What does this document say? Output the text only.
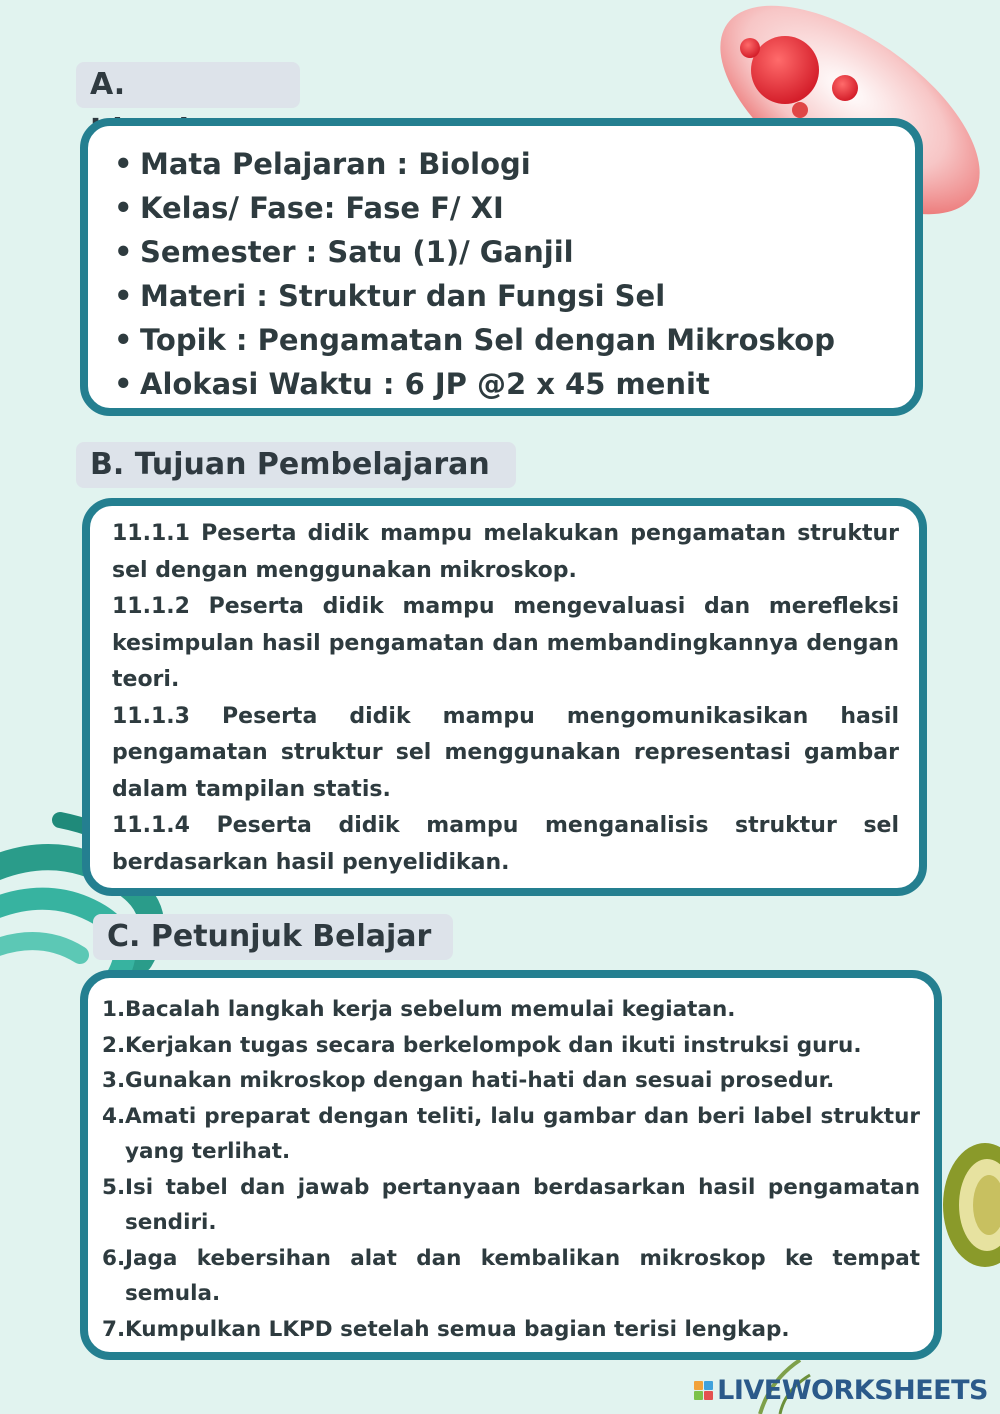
A.
• Mata Pelajaran : Biologi
• Kelas/ Fase: Fase F/ XI
• Semester : Satu (1)/ Ganjil
• Materi : Struktur dan Fungsi Sel
• Topik : Pengamatan Sel dengan Mikroskop
• Alokasi Waktu : 6 JP @2 x 45 menit
B. Tujuan Pembelajaran

11.1.1 Peserta didik mampu melakukan pengamatan struktur sel dengan menggunakan mikroskop.

11.1.2 Peserta didik mampu mengevaluasi dan merefleksi kesimpulan hasil pengamatan dan membandingkannya dengan teori.

11.1.3 Peserta didik mampu mengomunikasikan hasil pengamatan struktur sel menggunakan representasi gambar dalam tampilan statis.

11.1.4 Peserta didik mampu menganalisis struktur sel berdasarkan hasil penyelidikan.

C. Petunjuk Belajar
1. Bacalah langkah kerja sebelum memulai kegiatan.
2. Kerjakan tugas secara berkelompok dan ikuti instruksi guru.
3. Gunakan mikroskop dengan hati-hati dan sesuai prosedur.
4. Amati preparat dengan teliti, lalu gambar dan beri label struktur yang terlihat.
5. Isi tabel dan jawab pertanyaan berdasarkan hasil pengamatan sendiri.
6. Jaga kebersihan alat dan kembalikan mikroskop ke tempat semula.
7. Kumpulkan LKPD setelah semua bagian terisi lengkap.
LIVEWORKSHEETS
